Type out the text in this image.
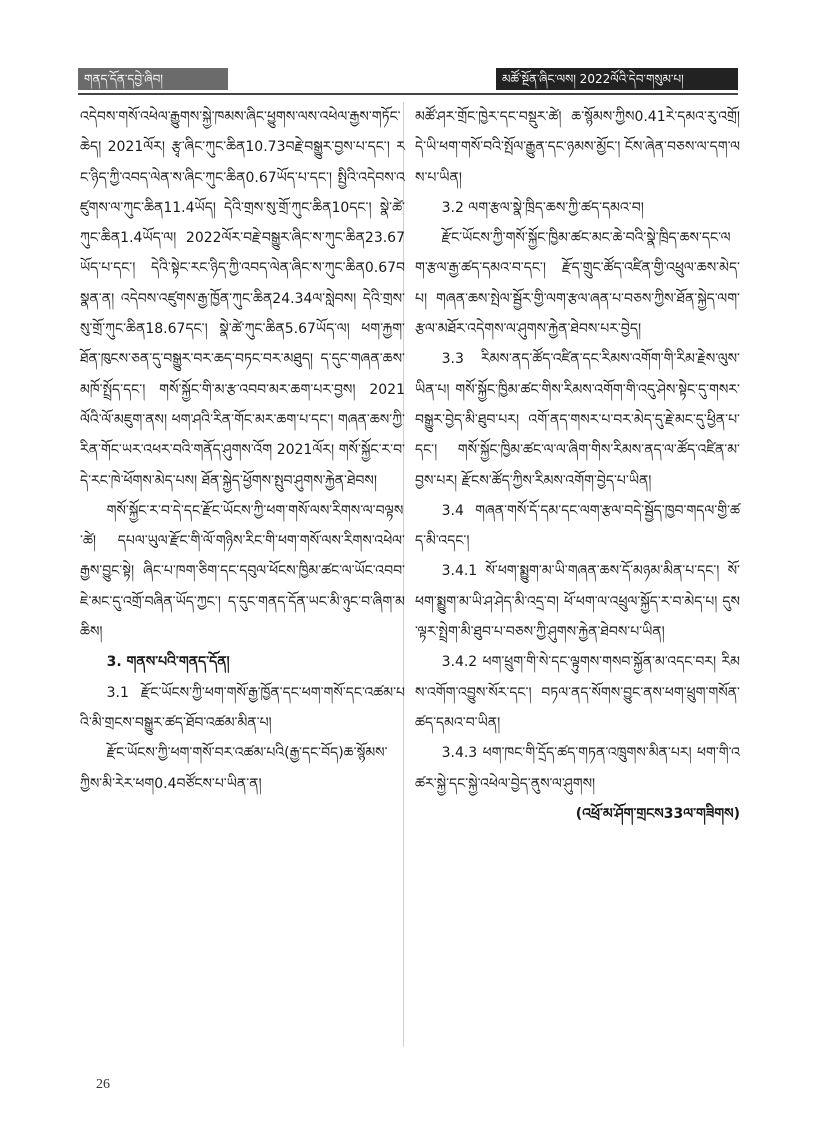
གནད་དོན་དབྱེ་ཞིབ།	མཚོ་སྔོན་ཞིང་ལས། 2022ལོའི་དེབ་གསུམ་པ།

འདེབས་གསོ་འཕེལ་རྒྱུགས་སྐྱེ་ཁམས་ཞིང་ཕྱུགས་ལས་འཕེལ་རྒྱས་གཏོང་ཆེད། 2021ལོར། རྩྭ་ཞིང་ཀུང་ཆིན10.73བརྗེ་བསྒྱུར་བྱས་པ་དང་། རང་ཉིད་ཀྱི་འབད་ལེན་ས་ཞིང་ཀུང་ཆིན0.67ཡོད་པ་དང་། སྤྱིའི་འདེབས་འཛུགས་ལ་ཀུང་ཆིན11.4ཡོད། དེའི་གྲས་སུ་གྲོ་ཀུང་ཆིན10དང་། སྣེ་ཚེ་ཀུང་ཆིན1.4ཡོད་ལ། 2022ལོར་བརྗེ་བསྒྱུར་ཞིང་ས་ཀུང་ཆིན23.67ཡོད་པ་དང་། དེའི་སྟེང་རང་ཉིད་ཀྱི་འབད་ལེན་ཞིང་ས་ཀུང་ཆིན0.67བསྣན་ན། འདེབས་འཛུགས་རྒྱ་ཁྱོན་ཀུང་ཆིན24.34ལ་སླེབས། དེའི་གྲས་སུ་གྲོ་ཀུང་ཆིན18.67དང་། སྣེ་ཚེ་ཀུང་ཆིན5.67ཡོད་ལ། ཕག་རྐྱག་ཐོན་ཁུངས་ཅན་དུ་བསྒྱུར་བར་ཆད་བཏང་བར་མཐུད། ད་དུང་གཞན་ཆས་མཁོ་སྤྲོད་དང་། གསོ་སྐྱོང་གི་མ་རྩ་འབབ་མར་ཆག་པར་བྱས། 2021ལོའི་ལོ་མཇུག་ནས། ཕག་ཤའི་རིན་གོང་མར་ཆག་པ་དང་། གཞན་ཆས་ཀྱི་རིན་གོང་ཡར་འཕར་བའི་གནོད་ཤུགས་འོག 2021ལོར། གསོ་སྐྱོང་ར་བ་དེ་རང་ཁེ་ཕོགས་མེད་པས། ཐོན་སྐྱེད་ཕྱོགས་སྤུབ་ཤུགས་རྐྱེན་ཐེབས།

གསོ་སྐྱོང་ར་བ་དེ་དང་རྫོང་ཡོངས་ཀྱི་ཕག་གསོ་ལས་རིགས་ལ་བལྟས་ཚེ། དཔལ་ཡུལ་རྫོང་གི་ལོ་གཉིས་རིང་གི་ཕག་གསོ་ལས་རིགས་འཕེལ་རྒྱས་བྱུང་སྟེ། ཞིང་པ་ཁག་ཅིག་དང་དབུལ་ཕོངས་ཁྱིམ་ཚང་ལ་ཡོང་འབབ་ཇེ་མང་དུ་འགྲོ་བཞིན་ཡོད་ཀྱང་། ད་དུང་གནད་དོན་ཡང་མི་ཉུང་བ་ཞིག་མཆིས།

3. གནས་པའི་གནད་དོན།

3.1 རྫོང་ཡོངས་ཀྱི་ཕག་གསོ་རྒྱ་ཁྱོན་དང་ཕག་གསོ་དང་འཚམ་པའི་མི་གྲངས་བསྒྱུར་ཚད་ཐོབ་འཚམ་མིན་པ།

རྫོང་ཡོངས་ཀྱི་ཕག་གསོ་བར་འཚམ་པའི(རྒྱ་དང་བོད)ཆ་སྙོམས་ཀྱིས་མི་རེར་ཕག0.4བཙོངས་པ་ཡིན་ན།

མཚོ་ཤར་གྲོང་ཁྱེར་དང་བསྡུར་ཚེ། ཆ་སྙོམས་ཀྱིས0.41རེ་དམའ་རུ་འགྲོ། དེ་ཡི་ཕག་གསོ་བའི་སྤོལ་རྒྱུན་དང་ཉམས་མྱོང་། ངོས་ཞེན་བཅས་ལ་དག་ལས་པ་ཡིན།

3.2 ལག་རྩལ་སྣེ་ཁྲིད་ཆས་ཀྱི་ཚད་དམའ་བ།

རྫོང་ཡོངས་ཀྱི་གསོ་སྐྱོང་ཁྱིམ་ཚང་མང་ཆེ་བའི་སྣེ་ཁྲིད་ཆས་དང་ལག་རྩལ་རྒྱ་ཚད་དམའ་བ་དང་། རྫོད་གྲུང་ཚོད་འཛིན་གྱི་འཕྲུལ་ཆས་མེད་པ། གཞན་ཆས་སྤེལ་སྦྱོར་གྱི་ལག་རྩལ་ཞན་པ་བཅས་ཀྱིས་ཐོན་སྐྱེད་ལག་རྩལ་མཐོར་འདེགས་ལ་ཤུགས་རྐྱེན་ཐེབས་པར་བྱེད།

3.3 རིམས་ནད་ཚོད་འཛིན་དང་རིམས་འགོག་གི་རིམ་རྗེས་ལུས་ཡིན་པ། གསོ་སྐྱོང་ཁྱིམ་ཚང་གིས་རིམས་འགོག་གི་འདུ་ཤེས་སྟེང་དུ་གསར་བསྒྱུར་བྱེད་མི་ཐུབ་པར། འགོ་ནད་གསར་པ་བར་མེད་དུ་རྗེ་མང་དུ་ཕྱིན་པ་དང་། གསོ་སྐྱོང་ཁྱིམ་ཚང་ལ་ལ་ཞིག་གིས་རིམས་ནད་ལ་ཚོད་འཛིན་མ་བྱས་པར། རྫོངས་ཚོད་ཀྱིས་རིམས་འགོག་བྱེད་པ་ཡིན།

3.4 གཞན་གསོ་དོ་དམ་དང་ལག་རྩལ་བདེ་སྦྱོད་ཁྱབ་གདལ་གྱི་ཚད་མི་འདང་།

3.4.1 སོ་ཕག་སྨྱུག་མ་ཡི་གཞན་ཆས་དོ་མཉམ་མིན་པ་དང་། སོ་ཕག་སྨྱུག་མ་ཡི་ཤ་ཤེད་མི་འདྲ་བ། ཕོ་ཕག་ལ་འཕྲུལ་སྐྱོད་ར་བ་མེད་པ། དུས་ལྟར་སྤྲེག་མི་ཐུབ་པ་བཅས་ཀྱི་ཤུགས་རྐྱེན་ཐེབས་པ་ཡིན།

3.4.2 ཕག་ཕྲུག་གི་སེ་དང་ལྟུགས་གསབ་སྐྱོན་མ་འདང་བར། རིམས་འགོག་འབྱུས་སོར་དང་། བཏལ་ནད་སོགས་བྱུང་ནས་ཕག་ཕྲུག་གསོན་ཚད་དམའ་བ་ཡིན།

3.4.3 ཕག་ཁང་གི་དྲོད་ཚད་གཏན་འཁྲུགས་མིན་པར། ཕག་གི་འཚར་སྐྱེ་དང་སྐྱེ་འཕེལ་བྱེད་ནུས་ལ་ཤུགས།

(འཕྲོ་མ་ཤོག་གྲངས33ལ་གཟིགས)

26
